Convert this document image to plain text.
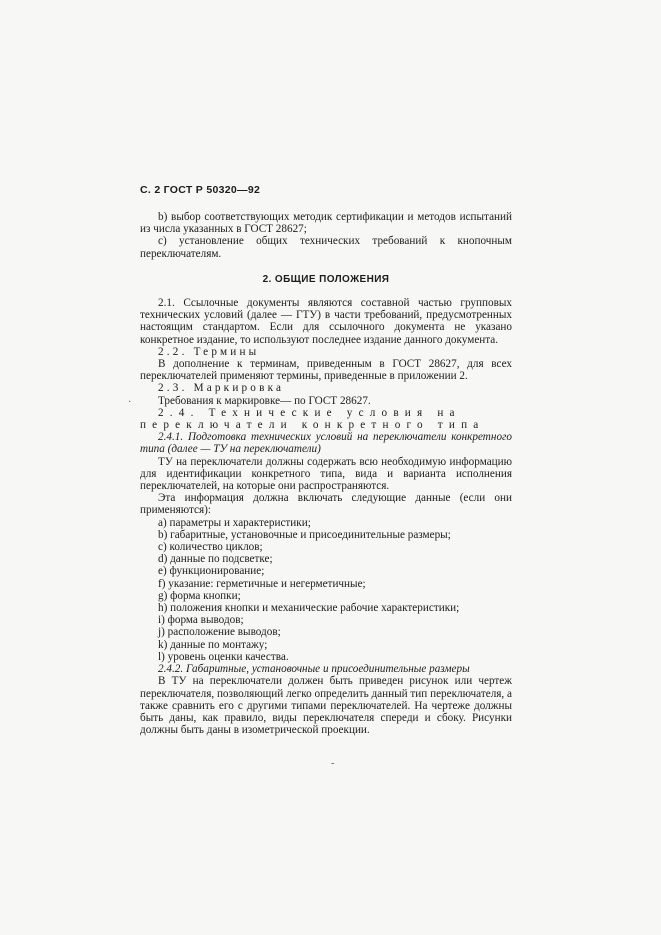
С. 2 ГОСТ Р 50320—92

b) выбор соответствующих методик сертификации и методов испытаний из числа указанных в ГОСТ 28627;

c) установление общих технических требований к кнопочным переключателям.

2. ОБЩИЕ ПОЛОЖЕНИЯ

2.1. Ссылочные документы являются составной частью групповых технических условий (далее — ГТУ) в части требований, предусмотренных настоящим стандартом. Если для ссылочного документа не указано конкретное издание, то используют последнее издание данного документа.

2.2. Термины

В дополнение к терминам, приведенным в ГОСТ 28627, для всех переключателей применяют термины, приведенные в приложении 2.

2.3. Маркировка

Требования к маркировке— по ГОСТ 28627.

2.4. Технические условия на переключатели конкретного типа

2.4.1. Подготовка технических условий на переключатели конкретного типа (далее — ТУ на переключатели)

ТУ на переключатели должны содержать всю необходимую информацию для идентификации конкретного типа, вида и варианта исполнения переключателей, на которые они распространяются.

Эта информация должна включать следующие данные (если они применяются):

а) параметры и характеристики;

b) габаритные, установочные и присоединительные размеры;

c) количество циклов;

d) данные по подсветке;

e) функционирование;

f) указание: герметичные и негерметичные;

g) форма кнопки;

h) положения кнопки и механические рабочие характеристики;

i) форма выводов;

j) расположение выводов;

k) данные по монтажу;

l) уровень оценки качества.

2.4.2. Габаритные, установочные и присоединительные размеры

В ТУ на переключатели должен быть приведен рисунок или чертеж переключателя, позволяющий легко определить данный тип переключателя, а также сравнить его с другими типами переключателей. На чертеже должны быть даны, как правило, виды переключателя спереди и сбоку. Рисунки должны быть даны в изометрической проекции.

·
-
